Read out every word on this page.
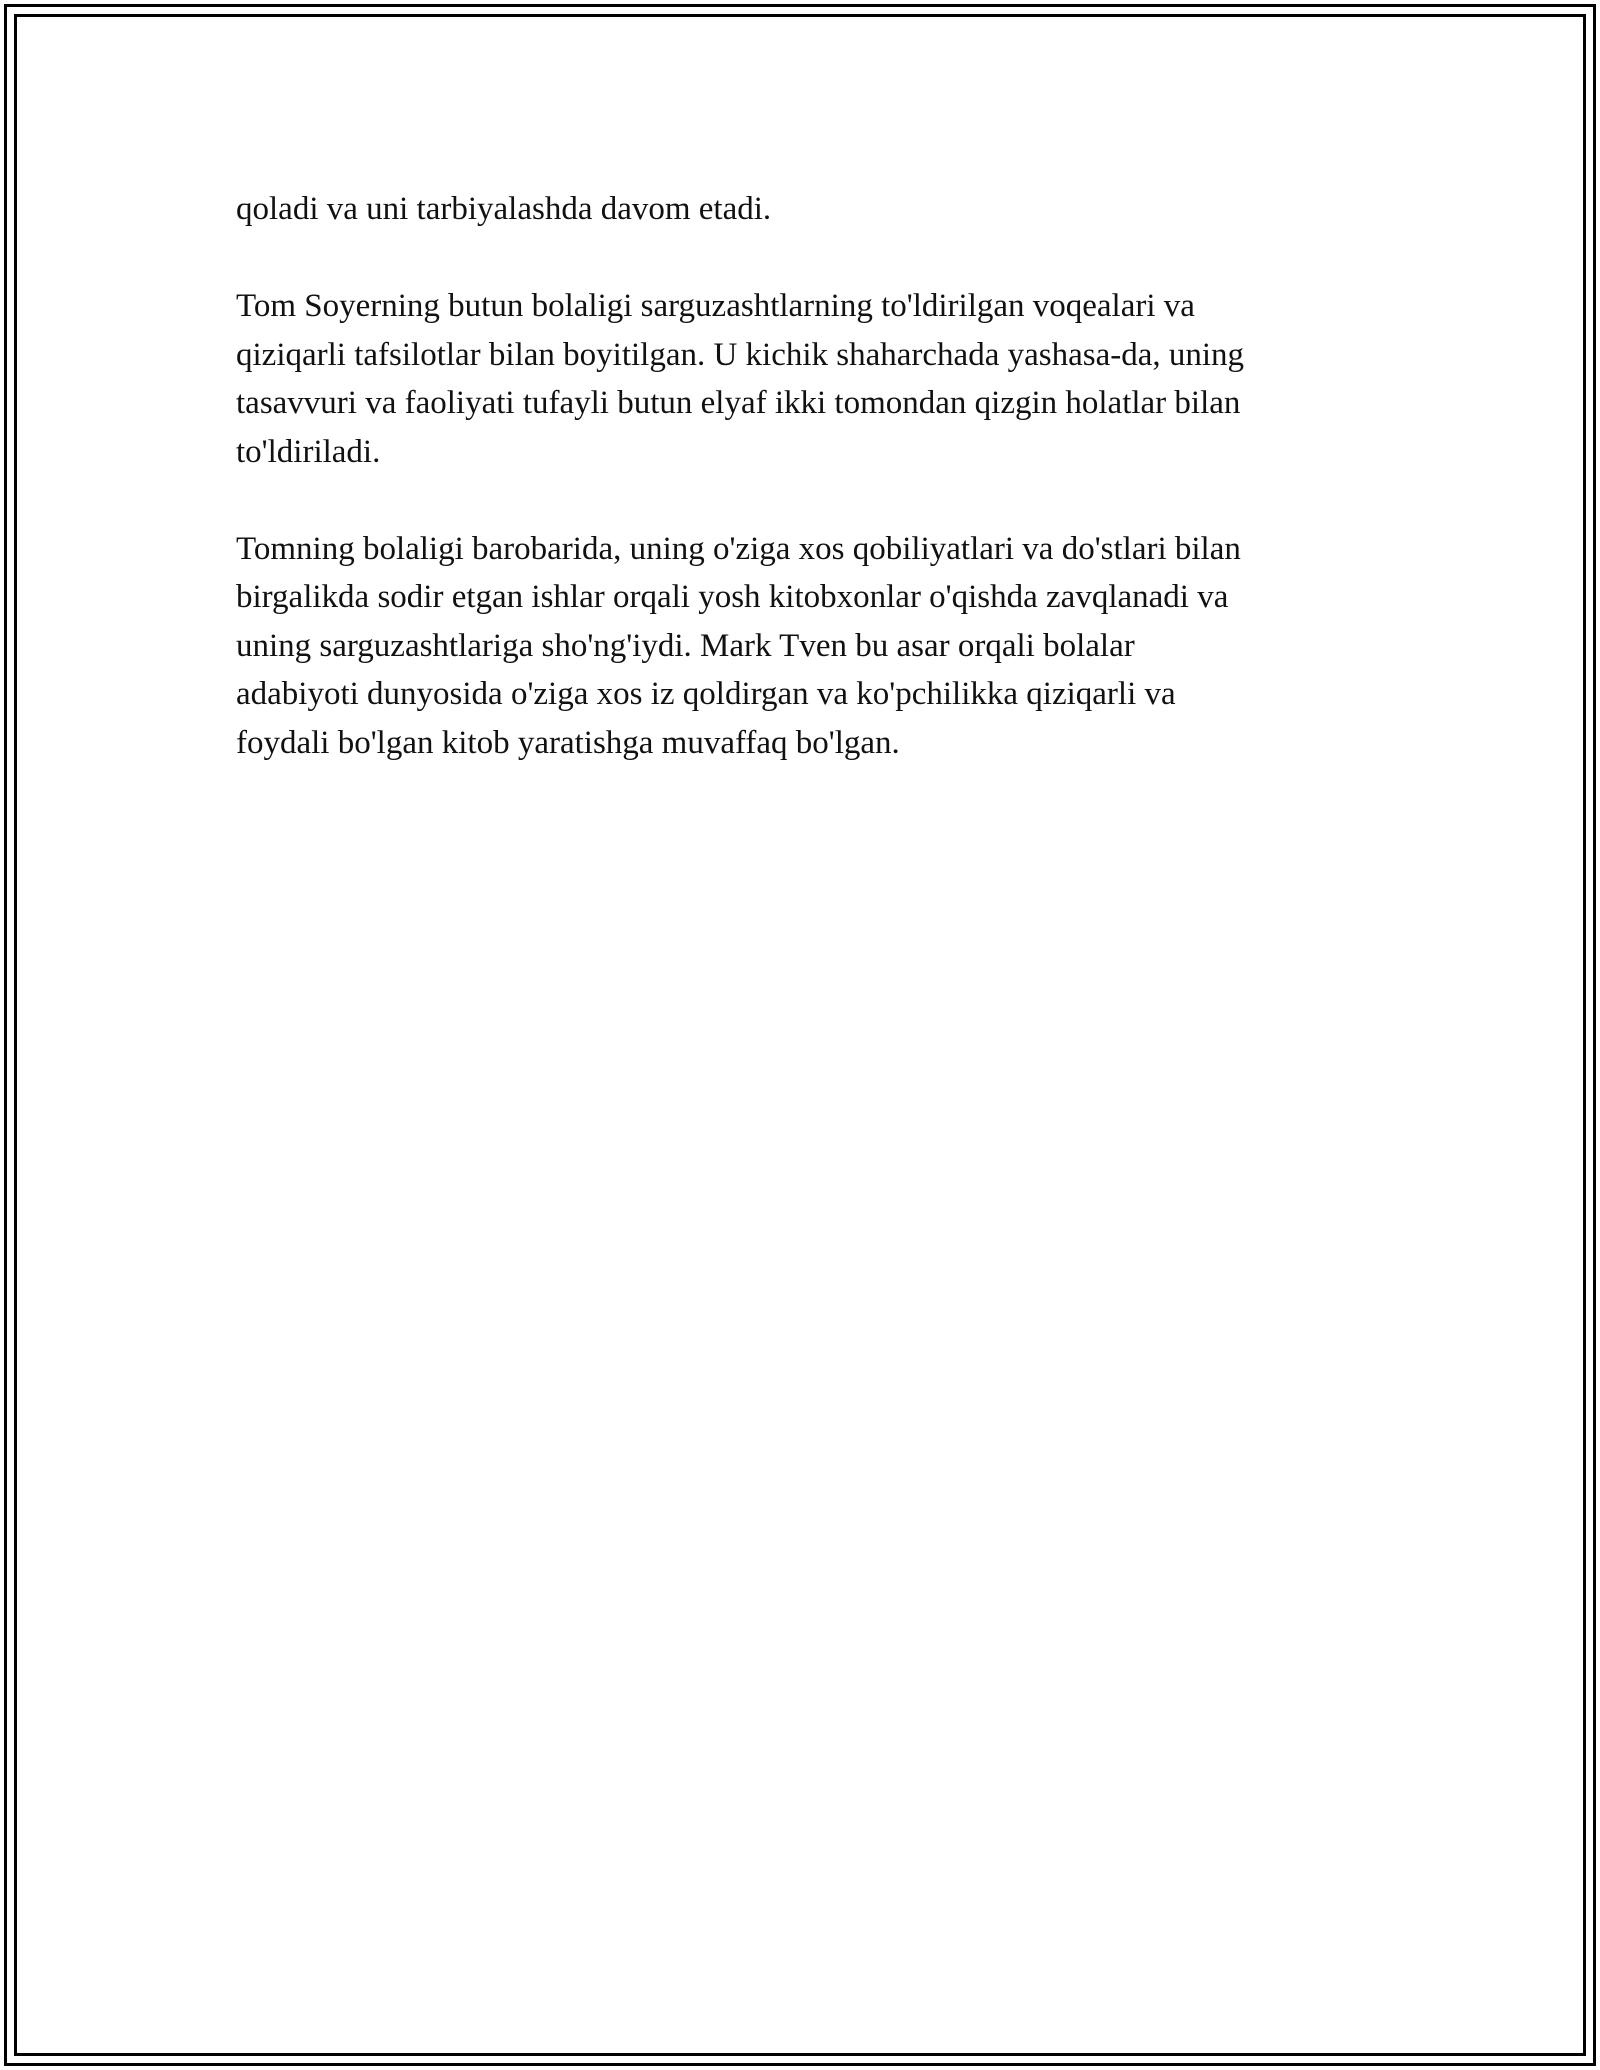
qoladi va uni tarbiyalashda davom etadi.

Tom Soyerning butun bolaligi sarguzashtlarning to'ldirilgan voqealari va
qiziqarli tafsilotlar bilan boyitilgan. U kichik shaharchada yashasa-da, uning
tasavvuri va faoliyati tufayli butun elyaf ikki tomondan qizgin holatlar bilan
to'ldiriladi.

Tomning bolaligi barobarida, uning o'ziga xos qobiliyatlari va do'stlari bilan
birgalikda sodir etgan ishlar orqali yosh kitobxonlar o'qishda zavqlanadi va
uning sarguzashtlariga sho'ng'iydi. Mark Tven bu asar orqali bolalar
adabiyoti dunyosida o'ziga xos iz qoldirgan va ko'pchilikka qiziqarli va
foydali bo'lgan kitob yaratishga muvaffaq bo'lgan.
